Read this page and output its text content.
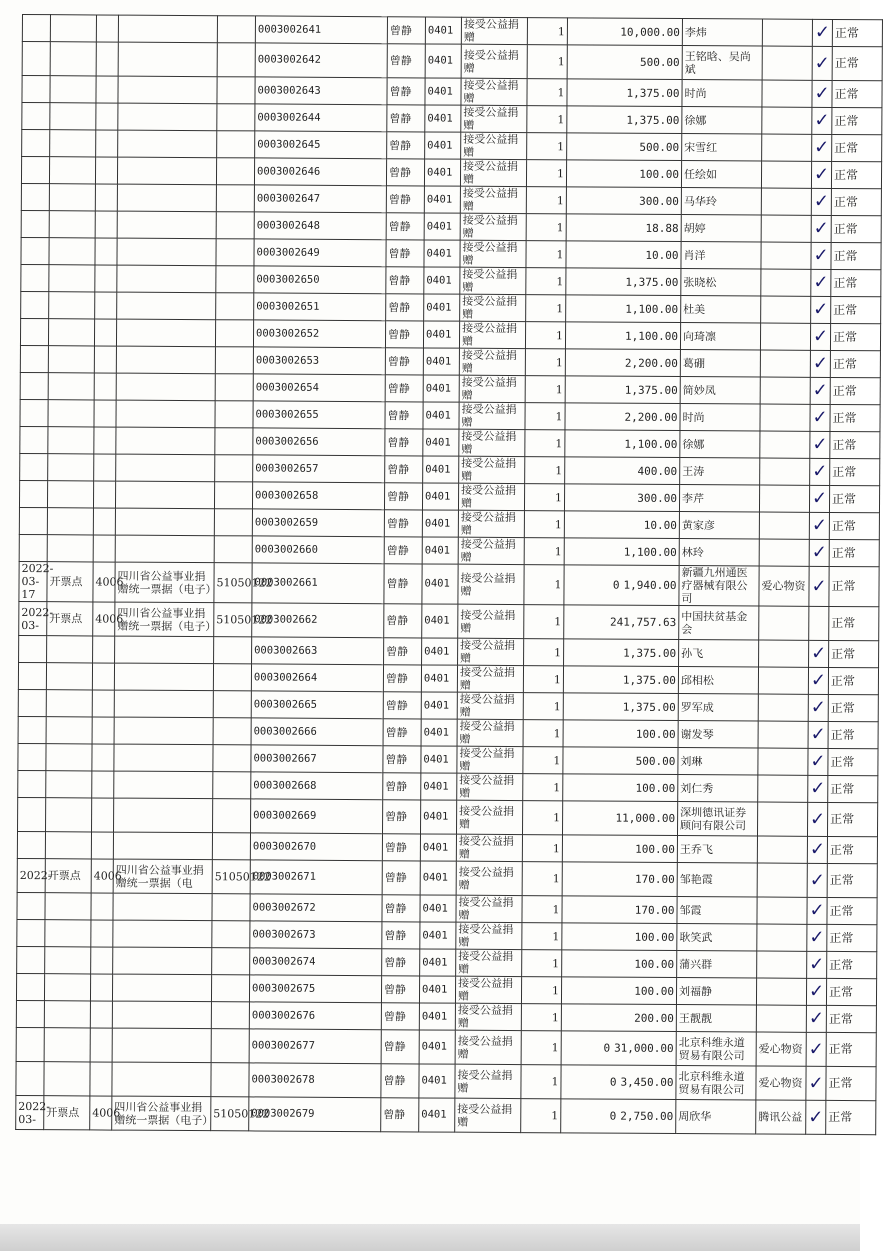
					0003002641	曾静	0401	接受公益捐赠	1	10,000.00	李炜		✓	正常
					0003002642	曾静	0401	接受公益捐赠	1	500.00	王铭晗、吴尚斌		✓	正常
					0003002643	曾静	0401	接受公益捐赠	1	1,375.00	时尚		✓	正常
					0003002644	曾静	0401	接受公益捐赠	1	1,375.00	徐娜		✓	正常
					0003002645	曾静	0401	接受公益捐赠	1	500.00	宋雪红		✓	正常
					0003002646	曾静	0401	接受公益捐赠	1	100.00	任绘如		✓	正常
					0003002647	曾静	0401	接受公益捐赠	1	300.00	马华玲		✓	正常
					0003002648	曾静	0401	接受公益捐赠	1	18.88	胡婷		✓	正常
					0003002649	曾静	0401	接受公益捐赠	1	10.00	肖洋		✓	正常
					0003002650	曾静	0401	接受公益捐赠	1	1,375.00	张晓松		✓	正常
					0003002651	曾静	0401	接受公益捐赠	1	1,100.00	杜美		✓	正常
					0003002652	曾静	0401	接受公益捐赠	1	1,100.00	向琦凛		✓	正常
					0003002653	曾静	0401	接受公益捐赠	1	2,200.00	葛硼		✓	正常
					0003002654	曾静	0401	接受公益捐赠	1	1,375.00	简妙凤		✓	正常
					0003002655	曾静	0401	接受公益捐赠	1	2,200.00	时尚		✓	正常
					0003002656	曾静	0401	接受公益捐赠	1	1,100.00	徐娜		✓	正常
					0003002657	曾静	0401	接受公益捐赠	1	400.00	王涛		✓	正常
					0003002658	曾静	0401	接受公益捐赠	1	300.00	李芹		✓	正常
					0003002659	曾静	0401	接受公益捐赠	1	10.00	黄家彦		✓	正常
					0003002660	曾静	0401	接受公益捐赠	1	1,100.00	林玲		✓	正常
2022-03-17	开票点	4006	四川省公益事业捐赠统一票据（电子）	51050122	0003002661	曾静	0401	接受公益捐赠	1	0 1,940.00	新疆九州通医疗器械有限公司	爱心物资	✓	正常
2022-03-	开票点	4006	四川省公益事业捐赠统一票据（电子）	51050122	0003002662	曾静	0401	接受公益捐赠	1	241,757.63	中国扶贫基金会			正常
					0003002663	曾静	0401	接受公益捐赠	1	1,375.00	孙飞		✓	正常
					0003002664	曾静	0401	接受公益捐赠	1	1,375.00	邱相松		✓	正常
					0003002665	曾静	0401	接受公益捐赠	1	1,375.00	罗军成		✓	正常
					0003002666	曾静	0401	接受公益捐赠	1	100.00	谢发琴		✓	正常
					0003002667	曾静	0401	接受公益捐赠	1	500.00	刘琳		✓	正常
					0003002668	曾静	0401	接受公益捐赠	1	100.00	刘仁秀		✓	正常
					0003002669	曾静	0401	接受公益捐赠	1	11,000.00	深圳德讯证券顾问有限公司		✓	正常
					0003002670	曾静	0401	接受公益捐赠	1	100.00	王乔飞		✓	正常
2022-	开票点	4006	四川省公益事业捐赠统一票据（电	51050122	0003002671	曾静	0401	接受公益捐赠	1	170.00	邹艳霞		✓	正常
					0003002672	曾静	0401	接受公益捐赠	1	170.00	邹霞		✓	正常
					0003002673	曾静	0401	接受公益捐赠	1	100.00	耿笑武		✓	正常
					0003002674	曾静	0401	接受公益捐赠	1	100.00	蒲兴群		✓	正常
					0003002675	曾静	0401	接受公益捐赠	1	100.00	刘福静		✓	正常
					0003002676	曾静	0401	接受公益捐赠	1	200.00	王靓靓		✓	正常
					0003002677	曾静	0401	接受公益捐赠	1	0 31,000.00	北京科维永道贸易有限公司	爱心物资	✓	正常
					0003002678	曾静	0401	接受公益捐赠	1	0 3,450.00	北京科维永道贸易有限公司	爱心物资	✓	正常
2022-03-	开票点	4006	四川省公益事业捐赠统一票据（电子）	51050122	0003002679	曾静	0401	接受公益捐赠	1	0 2,750.00	周欣华	腾讯公益	✓	正常
